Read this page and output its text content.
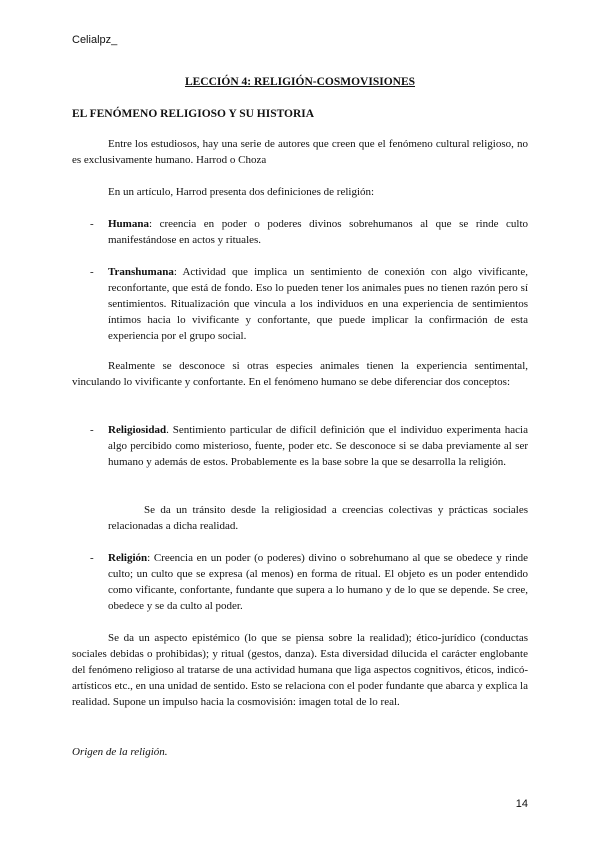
Celialpz_
LECCIÓN 4: RELIGIÓN-COSMOVISIONES
EL FENÓMENO RELIGIOSO Y SU HISTORIA
Entre los estudiosos, hay una serie de autores que creen que el fenómeno cultural religioso, no es exclusivamente humano. Harrod o Choza
En un artículo, Harrod presenta dos definiciones de religión:
- Humana: creencia en poder o poderes divinos sobrehumanos al que se rinde culto manifestándose en actos y rituales.
- Transhumana: Actividad que implica un sentimiento de conexión con algo vivificante, reconfortante, que está de fondo. Eso lo pueden tener los animales pues no tienen razón pero sí sentimientos. Ritualización que vincula a los individuos en una experiencia de sentimientos íntimos hacia lo vivificante y confortante, que puede implicar la confirmación de esta experiencia por el grupo social.
Realmente se desconoce si otras especies animales tienen la experiencia sentimental, vinculando lo vivificante y confortante. En el fenómeno humano se debe diferenciar dos conceptos:
- Religiosidad. Sentimiento particular de difícil definición que el individuo experimenta hacia algo percibido como misterioso, fuente, poder etc. Se desconoce si se daba previamente al ser humano y además de estos. Probablemente es la base sobre la que se desarrolla la religión.
Se da un tránsito desde la religiosidad a creencias colectivas y prácticas sociales relacionadas a dicha realidad.
- Religión: Creencia en un poder (o poderes) divino o sobrehumano al que se obedece y rinde culto; un culto que se expresa (al menos) en forma de ritual. El objeto es un poder entendido como vificante, confortante, fundante que supera a lo humano y de lo que se depende. Se cree, obedece y se da culto al poder.
Se da un aspecto epistémico (lo que se piensa sobre la realidad); ético-jurídico (conductas sociales debidas o prohibidas); y ritual (gestos, danza). Esta diversidad dilucida el carácter englobante del fenómeno religioso al tratarse de una actividad humana que liga aspectos cognitivos, éticos, indicó-artísticos etc., en una unidad de sentido. Esto se relaciona con el poder fundante que abarca y explica la realidad. Supone un impulso hacia la cosmovisión: imagen total de lo real.
Origen de la religión.
14
